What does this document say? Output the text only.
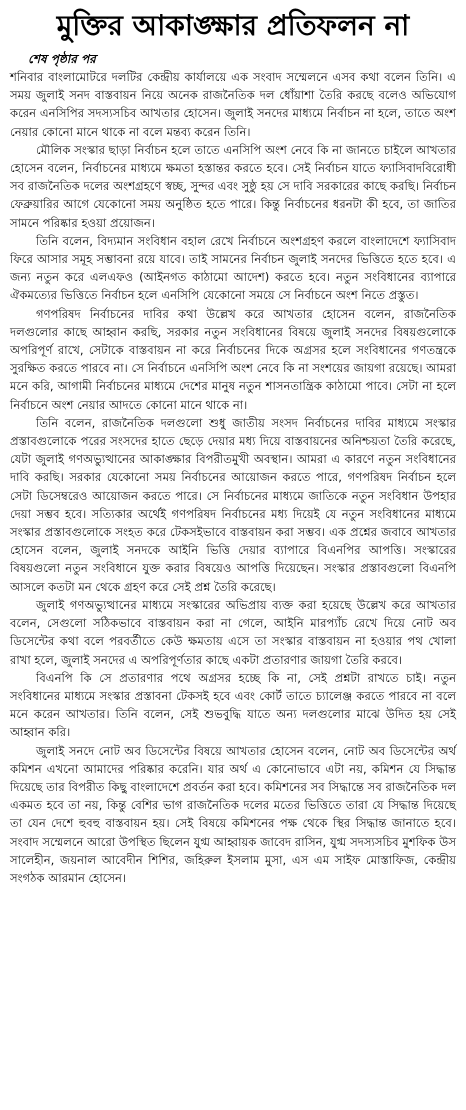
মুক্তির আকাঙ্ক্ষার প্রতিফলন না
শেষ পৃষ্ঠার পর

শনিবার বাংলামোটরে দলটির কেন্দ্রীয় কার্যালয়ে এক সংবাদ সম্মেলনে এসব কথা বলেন তিনি। এ সময় জুলাই সনদ বাস্তবায়ন নিয়ে অনেক রাজনৈতিক দল ধোঁয়াশা তৈরি করছে বলেও অভিযোগ করেন এনসিপির সদস্যসচিব আখতার হোসেন। জুলাই সনদের মাধ্যমে নির্বাচন না হলে, তাতে অংশ নেয়ার কোনো মানে থাকে না বলে মন্তব্য করেন তিনি।

মৌলিক সংস্কার ছাড়া নির্বাচন হলে তাতে এনসিপি অংশ নেবে কি না জানতে চাইলে আখতার হোসেন বলেন, নির্বাচনের মাধ্যমে ক্ষমতা হস্তান্তর করতে হবে। সেই নির্বাচন যাতে ফ্যাসিবাদবিরোধী সব রাজনৈতিক দলের অংশগ্রহণে স্বচ্ছ, সুন্দর এবং সুষ্ঠু হয় সে দাবি সরকারের কাছে করছি। নির্বাচন ফেব্রুয়ারির আগে যেকোনো সময় অনুষ্ঠিত হতে পারে। কিন্তু নির্বাচনের ধরনটা কী হবে, তা জাতির সামনে পরিষ্কার হওয়া প্রয়োজন।

তিনি বলেন, বিদ্যমান সংবিধান বহাল রেখে নির্বাচনে অংশগ্রহণ করলে বাংলাদেশে ফ্যাসিবাদ ফিরে আসার সমূহ সম্ভাবনা রয়ে যাবে। তাই সামনের নির্বাচন জুলাই সনদের ভিত্তিতে হতে হবে। এ জন্য নতুন করে এলএফও (আইনগত কাঠামো আদেশ) করতে হবে। নতুন সংবিধানের ব্যাপারে ঐকমত্যের ভিত্তিতে নির্বাচন হলে এনসিপি যেকোনো সময়ে সে নির্বাচনে অংশ নিতে প্রস্তুত।

গণপরিষদ নির্বাচনের দাবির কথা উল্লেখ করে আখতার হোসেন বলেন, রাজনৈতিক দলগুলোর কাছে আহ্বান করছি, সরকার নতুন সংবিধানের বিষয়ে জুলাই সনদের বিষয়গুলোকে অপরিপূর্ণ রাখে, সেটাকে বাস্তবায়ন না করে নির্বাচনের দিকে অগ্রসর হলে সংবিধানের গণতন্ত্রকে সুরক্ষিত করতে পারবে না। সে নির্বাচনে এনসিপি অংশ নেবে কি না সংশয়ের জায়গা রয়েছে। আমরা মনে করি, আগামী নির্বাচনের মাধ্যমে দেশের মানুষ নতুন শাসনতান্ত্রিক কাঠামো পাবে। সেটা না হলে নির্বাচনে অংশ নেয়ার আদতে কোনো মানে থাকে না।

তিনি বলেন, রাজনৈতিক দলগুলো শুধু জাতীয় সংসদ নির্বাচনের দাবির মাধ্যমে সংস্কার প্রস্তাবগুলোকে পরের সংসদের হাতে ছেড়ে দেয়ার মধ্য দিয়ে বাস্তবায়নের অনিশ্চয়তা তৈরি করেছে, যেটা জুলাই গণঅভ্যুত্থানের আকাঙ্ক্ষার বিপরীতমুখী অবস্থান। আমরা এ কারণে নতুন সংবিধানের দাবি করছি। সরকার যেকোনো সময় নির্বাচনের আয়োজন করতে পারে, গণপরিষদ নির্বাচন হলে সেটা ডিসেম্বরেও আয়োজন করতে পারে। সে নির্বাচনের মাধ্যমে জাতিকে নতুন সংবিধান উপহার দেয়া সম্ভব হবে। সত্যিকার অর্থেই গণপরিষদ নির্বাচনের মধ্য দিয়েই যে নতুন সংবিধানের মাধ্যমে সংস্কার প্রস্তাবগুলোকে সংহত করে টেকসইভাবে বাস্তবায়ন করা সম্ভব। এক প্রশ্নের জবাবে আখতার হোসেন বলেন, জুলাই সনদকে আইনি ভিত্তি দেয়ার ব্যাপারে বিএনপির আপত্তি। সংস্কারের বিষয়গুলো নতুন সংবিধানে যুক্ত করার বিষয়েও আপত্তি দিয়েছেন। সংস্কার প্রস্তাবগুলো বিএনপি আসলে কতটা মন থেকে গ্রহণ করে সেই প্রশ্ন তৈরি করেছে।

জুলাই গণঅভ্যুত্থানের মাধ্যমে সংস্কারের অভিপ্রায় ব্যক্ত করা হয়েছে উল্লেখ করে আখতার বলেন, সেগুলো সঠিকভাবে বাস্তবায়ন করা না গেলে, আইনি মারপ্যাঁচ রেখে দিয়ে নোট অব ডিসেন্টের কথা বলে পরবর্তীতে কেউ ক্ষমতায় এসে তা সংস্কার বাস্তবায়ন না হওয়ার পথ খোলা রাখা হলে, জুলাই সনদের এ অপরিপূর্ণতার কাছে একটা প্রতারণার জায়গা তৈরি করবে।

বিএনপি কি সে প্রতারণার পথে অগ্রসর হচ্ছে কি না, সেই প্রশ্নটা রাখতে চাই। নতুন সংবিধানের মাধ্যমে সংস্কার প্রস্তাবনা টেকসই হবে এবং কোর্ট তাতে চ্যালেঞ্জ করতে পারবে না বলে মনে করেন আখতার। তিনি বলেন, সেই শুভবুদ্ধি যাতে অন্য দলগুলোর মাঝে উদিত হয় সেই আহ্বান করি।

জুলাই সনদে নোট অব ডিসেন্টের বিষয়ে আখতার হোসেন বলেন, নোট অব ডিসেন্টের অর্থ কমিশন এখনো আমাদের পরিষ্কার করেনি। যার অর্থ এ কোনোভাবে এটা নয়, কমিশন যে সিদ্ধান্ত দিয়েছে তার বিপরীত কিছু বাংলাদেশে প্রবর্তন করা হবে। কমিশনের সব সিদ্ধান্তে সব রাজনৈতিক দল একমত হবে তা নয়, কিন্তু বেশির ভাগ রাজনৈতিক দলের মতের ভিত্তিতে তারা যে সিদ্ধান্ত দিয়েছে তা যেন দেশে হুবহু বাস্তবায়ন হয়। সেই বিষয়ে কমিশনের পক্ষ থেকে স্থির সিদ্ধান্ত জানাতে হবে। সংবাদ সম্মেলনে আরো উপস্থিত ছিলেন যুগ্ম আহ্বায়ক জাবেদ রাসিন, যুগ্ম সদস্যসচিব মুশফিক উস সালেহীন, জয়নাল আবেদীন শিশির, জহিরুল ইসলাম মুসা, এস এম সাইফ মোস্তাফিজ, কেন্দ্রীয় সংগঠক আরমান হোসেন।
